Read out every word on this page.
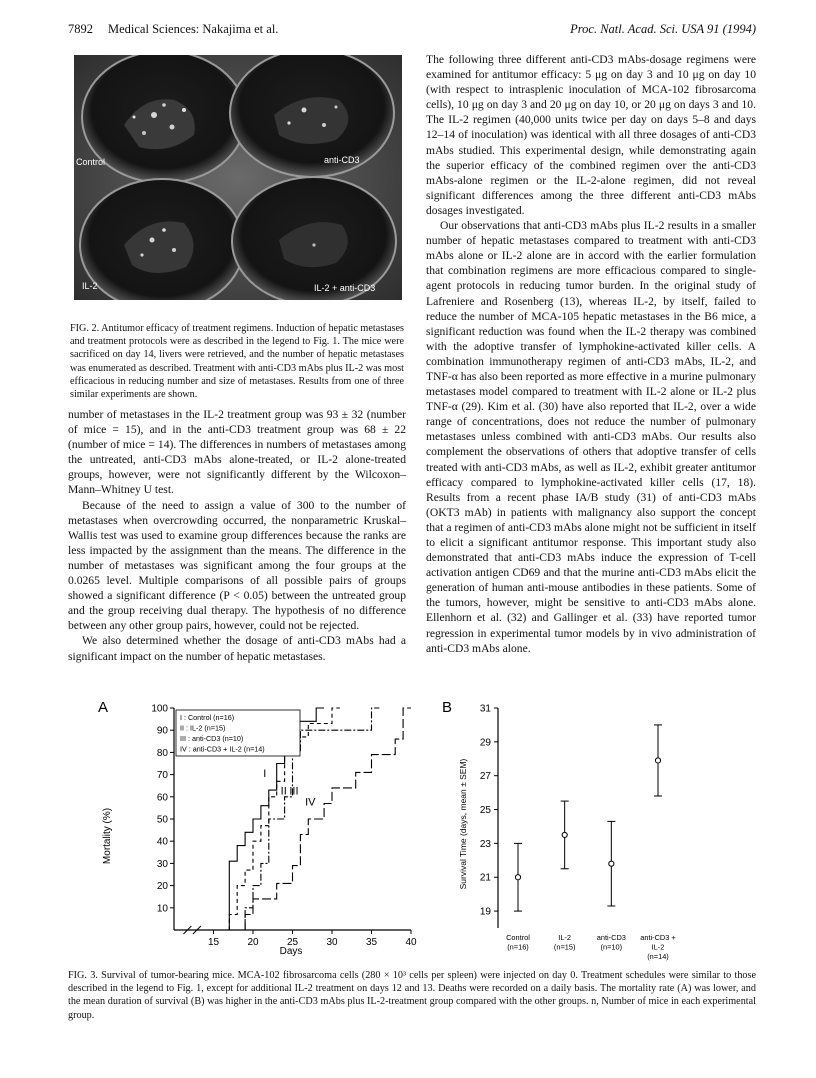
7892 Medical Sciences: Nakajima et al.	Proc. Natl. Acad. Sci. USA 91 (1994)
Control	anti-CD3
IL-2	IL-2 + anti-CD3

FIG. 2. Antitumor efficacy of treatment regimens. Induction of hepatic metastases and treatment protocols were as described in the legend to Fig. 1. The mice were sacrificed on day 14, livers were retrieved, and the number of hepatic metastases was enumerated as described. Treatment with anti-CD3 mAbs plus IL-2 was most efficacious in reducing number and size of metastases. Results from one of three similar experiments are shown.

number of metastases in the IL-2 treatment group was 93 ± 32 (number of mice = 15), and in the anti-CD3 treatment group was 68 ± 22 (number of mice = 14). The differences in numbers of metastases among the untreated, anti-CD3 mAbs alone-treated, or IL-2 alone-treated groups, however, were not significantly different by the Wilcoxon–Mann–Whitney U test.

Because of the need to assign a value of 300 to the number of metastases when overcrowding occurred, the nonparametric Kruskal–Wallis test was used to examine group differences because the ranks are less impacted by the assignment than the means. The difference in the number of metastases was significant among the four groups at the 0.0265 level. Multiple comparisons of all possible pairs of groups showed a significant difference (P < 0.05) between the untreated group and the group receiving dual therapy. The hypothesis of no difference between any other group pairs, however, could not be rejected.

We also determined whether the dosage of anti-CD3 mAbs had a significant impact on the number of hepatic metastases.

The following three different anti-CD3 mAbs-dosage regimens were examined for antitumor efficacy: 5 μg on day 3 and 10 μg on day 10 (with respect to intrasplenic inoculation of MCA-102 fibrosarcoma cells), 10 μg on day 3 and 20 μg on day 10, or 20 μg on days 3 and 10. The IL-2 regimen (40,000 units twice per day on days 5–8 and days 12–14 of inoculation) was identical with all three dosages of anti-CD3 mAbs studied. This experimental design, while demonstrating again the superior efficacy of the combined regimen over the anti-CD3 mAbs-alone regimen or the IL-2-alone regimen, did not reveal significant differences among the three different anti-CD3 mAbs dosages investigated.

Our observations that anti-CD3 mAbs plus IL-2 results in a smaller number of hepatic metastases compared to treatment with anti-CD3 mAbs alone or IL-2 alone are in accord with the earlier formulation that combination regimens are more efficacious compared to single-agent protocols in reducing tumor burden. In the original study of Lafreniere and Rosenberg (13), whereas IL-2, by itself, failed to reduce the number of MCA-105 hepatic metastases in the B6 mice, a significant reduction was found when the IL-2 therapy was combined with the adoptive transfer of lymphokine-activated killer cells. A combination immunotherapy regimen of anti-CD3 mAbs, IL-2, and TNF-α has also been reported as more effective in a murine pulmonary metastases model compared to treatment with IL-2 alone or IL-2 plus TNF-α (29). Kim et al. (30) have also reported that IL-2, over a wide range of concentrations, does not reduce the number of pulmonary metastases unless combined with anti-CD3 mAbs. Our results also complement the observations of others that adoptive transfer of cells treated with anti-CD3 mAbs, as well as IL-2, exhibit greater antitumor efficacy compared to lymphokine-activated killer cells (17, 18). Results from a recent phase IA/B study (31) of anti-CD3 mAbs (OKT3 mAb) in patients with malignancy also support the concept that a regimen of anti-CD3 mAbs alone might not be sufficient in itself to elicit a significant antitumor response. This important study also demonstrated that anti-CD3 mAbs induce the expression of T-cell activation antigen CD69 and that the murine anti-CD3 mAbs elicit the generation of human anti-mouse antibodies in these patients. Some of the tumors, however, might be sensitive to anti-CD3 mAbs alone. Ellenhorn et al. (32) and Gallinger et al. (33) have reported tumor regression in experimental tumor models by in vivo administration of anti-CD3 mAbs alone.

A
Mortality (%)
10
20
30
40
50
60
70
80
90
100
15	20	25	30	35	40
I
II III
IV
I : Control (n=16)
II : IL-2 (n=15)
III : anti-CD3 (n=10)
IV : anti-CD3 + IL-2 (n=14)
Days
B
Survival Time (days, mean ± SEM)
19
21
23
25
27
29
31
Control
(n=16)
IL-2
(n=15)
anti-CD3
(n=10)
anti-CD3 +
IL-2
(n=14)

FIG. 3. Survival of tumor-bearing mice. MCA-102 fibrosarcoma cells (280 × 10³ cells per spleen) were injected on day 0. Treatment schedules were similar to those described in the legend to Fig. 1, except for additional IL-2 treatment on days 12 and 13. Deaths were recorded on a daily basis. The mortality rate (A) was lower, and the mean duration of survival (B) was higher in the anti-CD3 mAbs plus IL-2-treatment group compared with the other groups. n, Number of mice in each experimental group.
